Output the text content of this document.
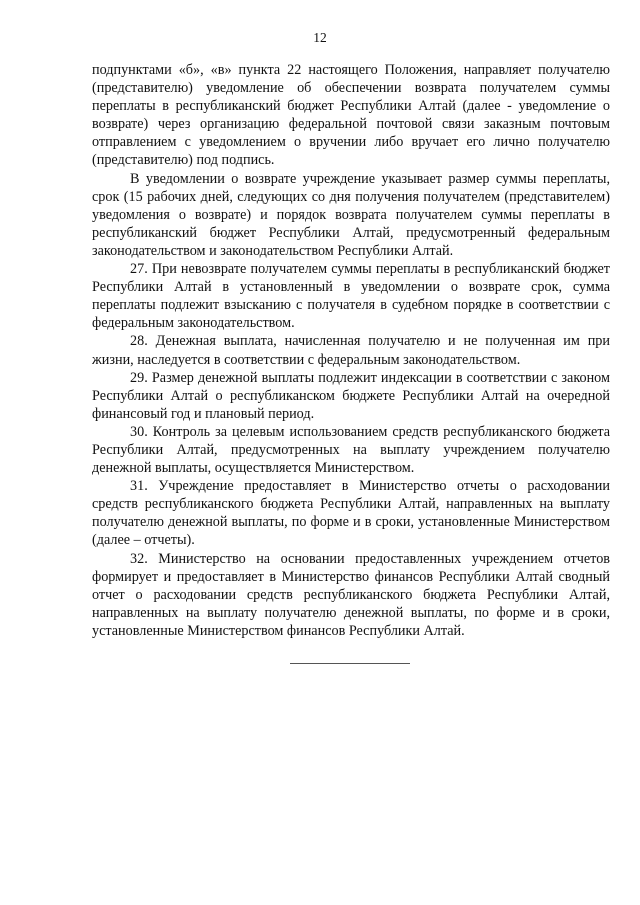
12

подпунктами «б», «в» пункта 22 настоящего Положения, направляет получателю (представителю) уведомление об обеспечении возврата получателем суммы переплаты в республиканский бюджет Республики Алтай (далее - уведомление о возврате) через организацию федеральной почтовой связи заказным почтовым отправлением с уведомлением о вручении либо вручает его лично получателю (представителю) под подпись.

В уведомлении о возврате учреждение указывает размер суммы переплаты, срок (15 рабочих дней, следующих со дня получения получателем (представителем) уведомления о возврате) и порядок возврата получателем суммы переплаты в республиканский бюджет Республики Алтай, предусмотренный федеральным законодательством и законодательством Республики Алтай.

27. При невозврате получателем суммы переплаты в республиканский бюджет Республики Алтай в установленный в уведомлении о возврате срок, сумма переплаты подлежит взысканию с получателя в судебном порядке в соответствии с федеральным законодательством.

28. Денежная выплата, начисленная получателю и не полученная им при жизни, наследуется в соответствии с федеральным законодательством.

29. Размер денежной выплаты подлежит индексации в соответствии с законом Республики Алтай о республиканском бюджете Республики Алтай на очередной финансовый год и плановый период.

30. Контроль за целевым использованием средств республиканского бюджета Республики Алтай, предусмотренных на выплату учреждением получателю денежной выплаты, осуществляется Министерством.

31. Учреждение предоставляет в Министерство отчеты о расходовании средств республиканского бюджета Республики Алтай, направленных на выплату получателю денежной выплаты, по форме и в сроки, установленные Министерством (далее – отчеты).

32. Министерство на основании предоставленных учреждением отчетов формирует и предоставляет в Министерство финансов Республики Алтай сводный отчет о расходовании средств республиканского бюджета Республики Алтай, направленных на выплату получателю денежной выплаты, по форме и в сроки, установленные Министерством финансов Республики Алтай.
